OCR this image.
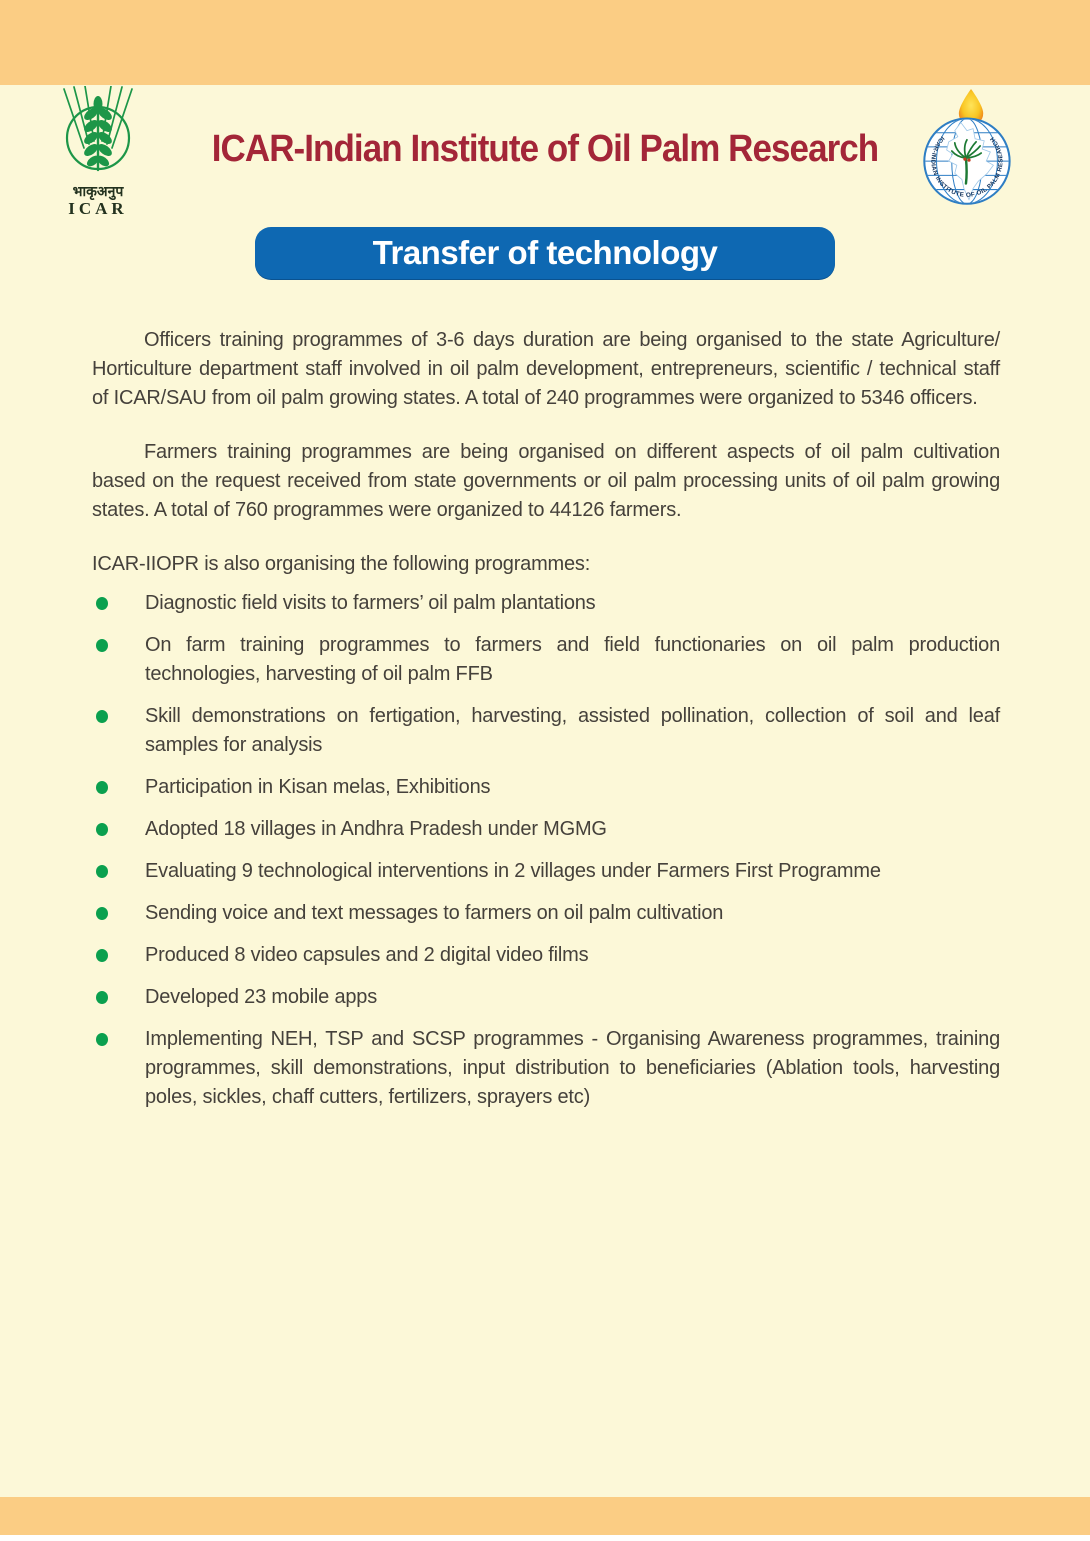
भाकृअनुप
ICAR
ICAR-Indian Institute of Oil Palm Research	ICAR-INDIAN INSTITUTE OF OIL PALM RESEARCH
Transfer of technology

Officers training programmes of 3-6 days duration are being organised to the state Agriculture/ Horticulture department staff involved in oil palm development, entrepreneurs, scientific / technical staff of ICAR/SAU from oil palm growing states. A total of 240 programmes were organized to 5346 officers.

Farmers training programmes are being organised on different aspects of oil palm cultivation based on the request received from state governments or oil palm processing units of oil palm growing states. A total of 760 programmes were organized to 44126 farmers.

ICAR-IIOPR is also organising the following programmes:

Diagnostic field visits to farmers’ oil palm plantations
On farm training programmes to farmers and field functionaries on oil palm production technologies, harvesting of oil palm FFB
Skill demonstrations on fertigation, harvesting, assisted pollination, collection of soil and leaf samples for analysis
Participation in Kisan melas, Exhibitions
Adopted 18 villages in Andhra Pradesh under MGMG
Evaluating 9 technological interventions in 2 villages under Farmers First Programme
Sending voice and text messages to farmers on oil palm cultivation
Produced 8 video capsules and 2 digital video films
Developed 23 mobile apps
Implementing NEH, TSP and SCSP programmes - Organising Awareness programmes, training programmes, skill demonstrations, input distribution to beneficiaries (Ablation tools, harvesting poles, sickles, chaff cutters, fertilizers, sprayers etc)
